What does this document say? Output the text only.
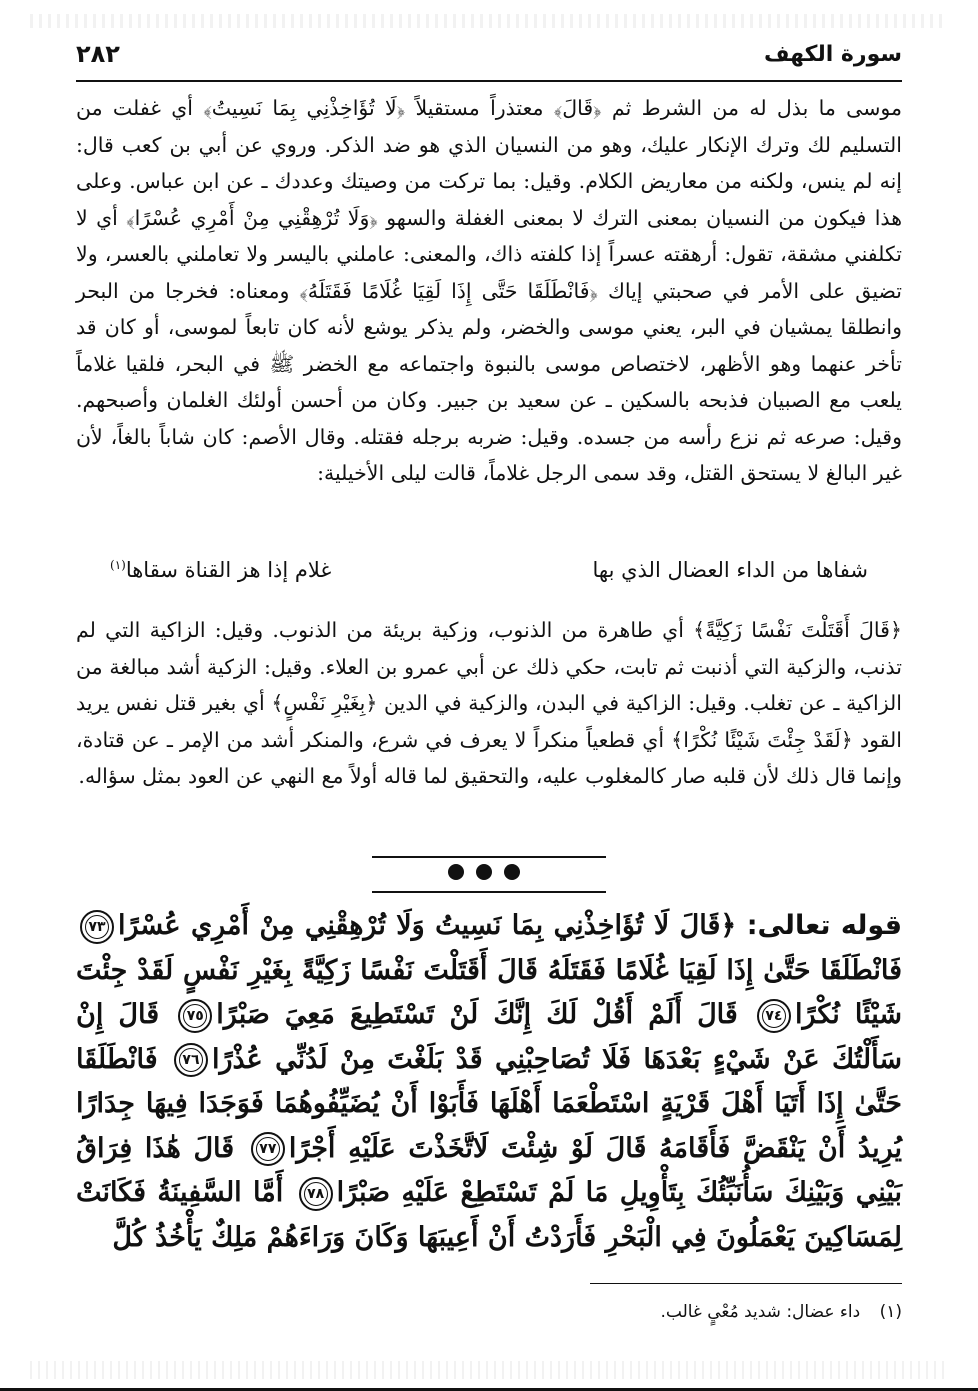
سورة الكهف
٢٨٢

موسى ما بذل له من الشرط ثم ﴿قَالَ﴾ معتذراً مستقيلاً ﴿لَا تُؤَاخِذْنِي بِمَا نَسِيتُ﴾ أي غفلت من التسليم لك وترك الإنكار عليك، وهو من النسيان الذي هو ضد الذكر. وروي عن أبي بن كعب قال: إنه لم ينس، ولكنه من معاريض الكلام. وقيل: بما تركت من وصيتك وعددك ـ عن ابن عباس. وعلى هذا فيكون من النسيان بمعنى الترك لا بمعنى الغفلة والسهو ﴿وَلَا تُرْهِقْنِي مِنْ أَمْرِي عُسْرًا﴾ أي لا تكلفني مشقة، تقول: أرهقته عسراً إذا كلفته ذاك، والمعنى: عاملني باليسر ولا تعاملني بالعسر، ولا تضيق على الأمر في صحبتي إياك ﴿فَانْطَلَقَا حَتَّى إِذَا لَقِيَا غُلَامًا فَقَتَلَهُ﴾ ومعناه: فخرجا من البحر وانطلقا يمشيان في البر، يعني موسى والخضر، ولم يذكر يوشع لأنه كان تابعاً لموسى، أو كان قد تأخر عنهما وهو الأظهر، لاختصاص موسى بالنبوة واجتماعه مع الخضر ﷺ في البحر، فلقيا غلاماً يلعب مع الصبيان فذبحه بالسكين ـ عن سعيد بن جبير. وكان من أحسن أولئك الغلمان وأصبحهم. وقيل: صرعه ثم نزع رأسه من جسده. وقيل: ضربه برجله فقتله. وقال الأصم: كان شاباً بالغاً، لأن غير البالغ لا يستحق القتل، وقد سمى الرجل غلاماً، قالت ليلى الأخيلية:

شفاها من الداء العضال الذي بها
غلام إذا هز القناة سقاها$^{(١)}$

﴿قَالَ أَقَتَلْتَ نَفْسًا زَكِيَّةً﴾ أي طاهرة من الذنوب، وزكية بريئة من الذنوب. وقيل: الزاكية التي لم تذنب، والزكية التي أذنبت ثم تابت، حكي ذلك عن أبي عمرو بن العلاء. وقيل: الزكية أشد مبالغة من الزاكية ـ عن تغلب. وقيل: الزاكية في البدن، والزكية في الدين ﴿بِغَيْرِ نَفْسٍ﴾ أي بغير قتل نفس يريد القود ﴿لَقَدْ جِئْتَ شَيْئًا نُكْرًا﴾ أي قطعياً منكراً لا يعرف في شرع، والمنكر أشد من الإمر ـ عن قتادة، وإنما قال ذلك لأن قلبه صار كالمغلوب عليه، والتحقيق لما قاله أولاً مع النهي عن العود بمثل سؤاله.

قوله تعالى: ﴿قَالَ لَا تُؤَاخِذْنِي بِمَا نَسِيتُ وَلَا تُرْهِقْنِي مِنْ أَمْرِي عُسْرًا٧٣ فَانْطَلَقَا حَتَّىٰ إِذَا لَقِيَا غُلَامًا فَقَتَلَهُ قَالَ أَقَتَلْتَ نَفْسًا زَكِيَّةً بِغَيْرِ نَفْسٍ لَقَدْ جِئْتَ شَيْئًا نُكْرًا٧٤ قَالَ أَلَمْ أَقُلْ لَكَ إِنَّكَ لَنْ تَسْتَطِيعَ مَعِيَ صَبْرًا٧٥ قَالَ إِنْ سَأَلْتُكَ عَنْ شَيْءٍ بَعْدَهَا فَلَا تُصَاحِبْنِي قَدْ بَلَغْتَ مِنْ لَدُنِّي عُذْرًا٧٦ فَانْطَلَقَا حَتَّىٰ إِذَا أَتَيَا أَهْلَ قَرْيَةٍ اسْتَطْعَمَا أَهْلَهَا فَأَبَوْا أَنْ يُضَيِّفُوهُمَا فَوَجَدَا فِيهَا جِدَارًا يُرِيدُ أَنْ يَنْقَضَّ فَأَقَامَهُ قَالَ لَوْ شِئْتَ لَاتَّخَذْتَ عَلَيْهِ أَجْرًا٧٧ قَالَ هَٰذَا فِرَاقُ بَيْنِي وَبَيْنِكَ سَأُنَبِّئُكَ بِتَأْوِيلِ مَا لَمْ تَسْتَطِعْ عَلَيْهِ صَبْرًا٧٨ أَمَّا السَّفِينَةُ فَكَانَتْ لِمَسَاكِينَ يَعْمَلُونَ فِي الْبَحْرِ فَأَرَدْتُ أَنْ أَعِيبَهَا وَكَانَ وَرَاءَهُمْ مَلِكٌ يَأْخُذُ كُلَّ

(١) داء عضال: شديد مُعْيٍ غالب.
